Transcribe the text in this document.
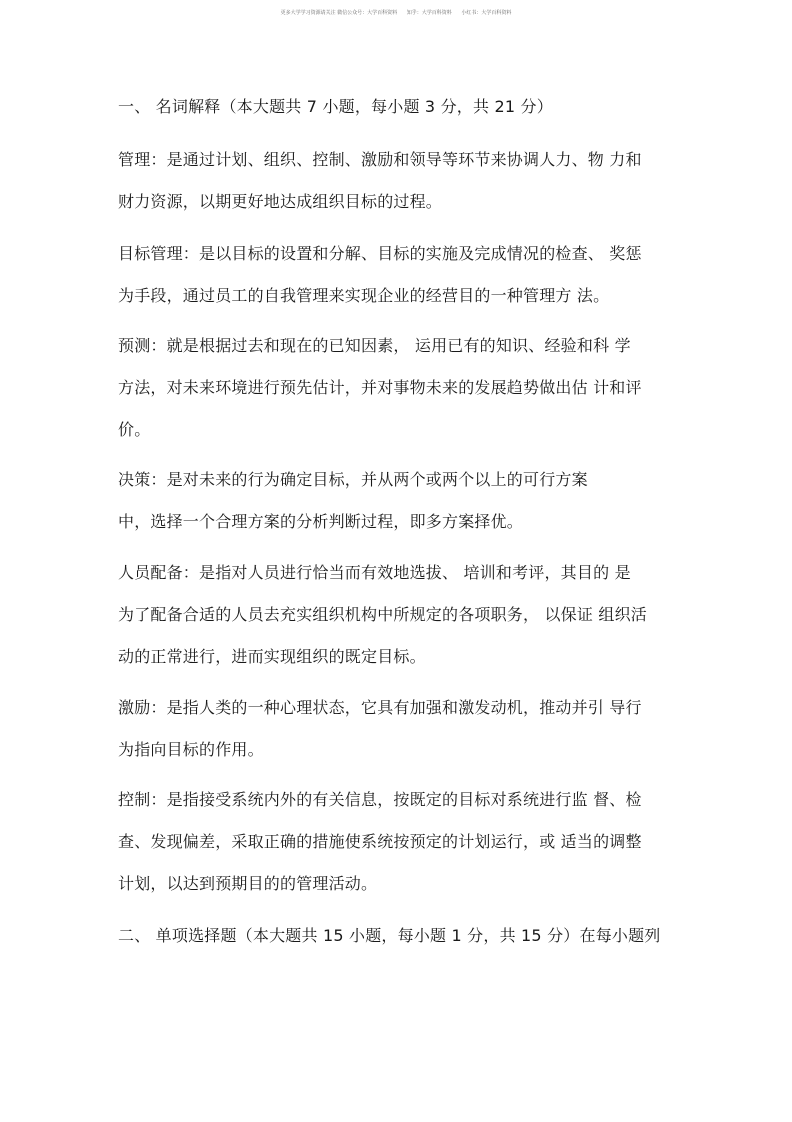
更多大学学习资源请关注 微信公众号：大学百科资料 知乎：大学百科资料 小红书：大学百科资料
一、 名词解释（本大题共 7 小题，每小题 3 分，共 21 分）
管理：是通过计划、组织、控制、激励和领导等环节来协调人力、物 力和
财力资源，以期更好地达成组织目标的过程。
目标管理：是以目标的设置和分解、目标的实施及完成情况的检查、 奖惩
为手段，通过员工的自我管理来实现企业的经营目的一种管理方 法。
预测：就是根据过去和现在的已知因素， 运用已有的知识、经验和科 学
方法，对未来环境进行预先估计，并对事物未来的发展趋势做出估 计和评
价。
决策：是对未来的行为确定目标，并从两个或两个以上的可行方案
中，选择一个合理方案的分析判断过程，即多方案择优。
人员配备：是指对人员进行恰当而有效地选拔、 培训和考评，其目的 是
为了配备合适的人员去充实组织机构中所规定的各项职务， 以保证 组织活
动的正常进行，进而实现组织的既定目标。
激励：是指人类的一种心理状态，它具有加强和激发动机，推动并引 导行
为指向目标的作用。
控制：是指接受系统内外的有关信息，按既定的目标对系统进行监 督、检
查、发现偏差，采取正确的措施使系统按预定的计划运行，或 适当的调整
计划，以达到预期目的的管理活动。
二、 单项选择题（本大题共 15 小题，每小题 1 分，共 15 分）在每小题列
